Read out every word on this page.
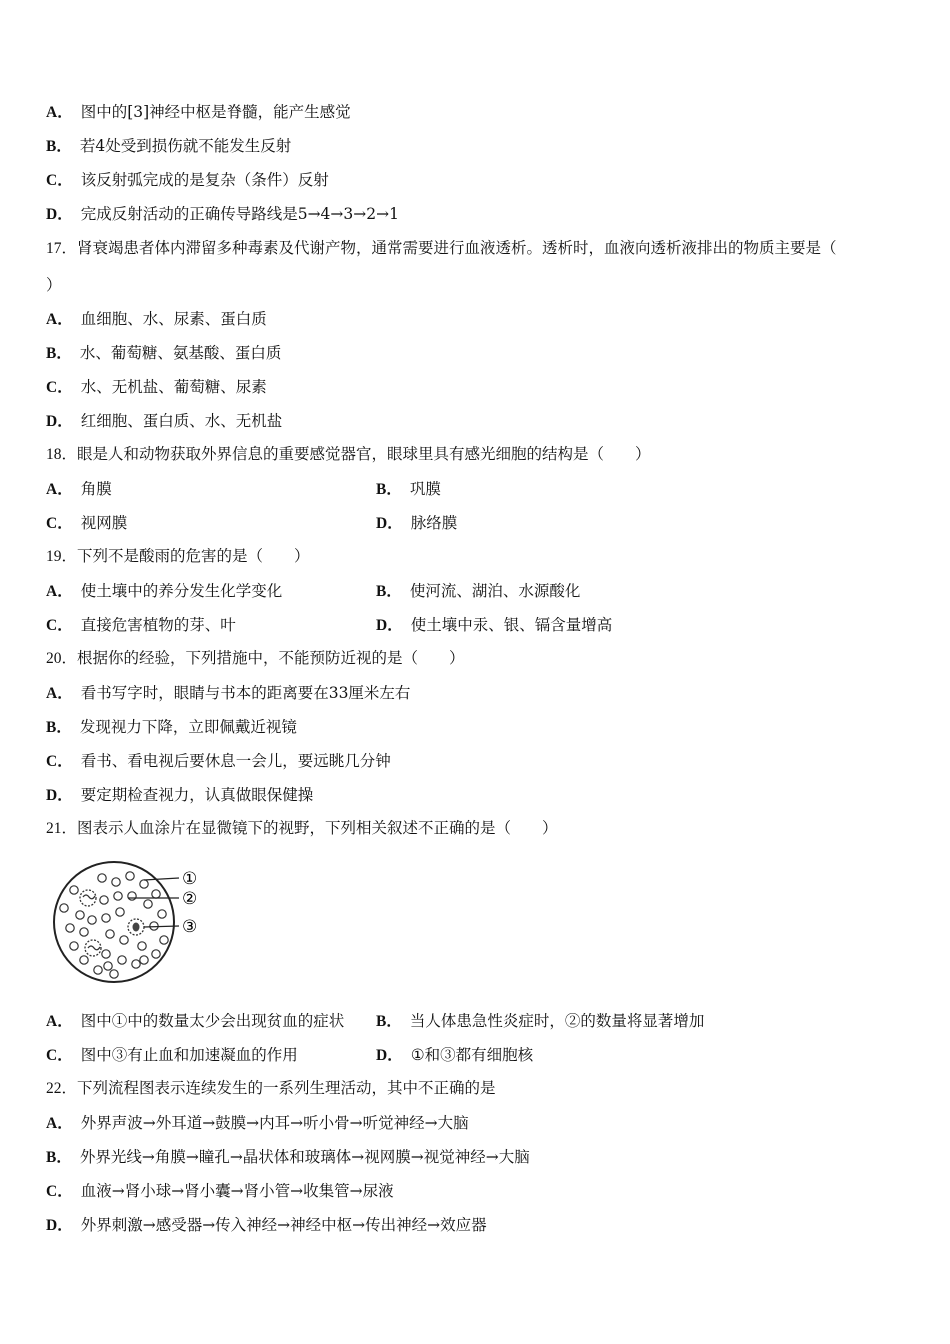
A． 图中的[3]神经中枢是脊髓，能产生感觉
B． 若4处受到损伤就不能发生反射
C． 该反射弧完成的是复杂（条件）反射
D． 完成反射活动的正确传导路线是5→4→3→2→1
17．肾衰竭患者体内滞留多种毒素及代谢产物，通常需要进行血液透析。透析时，血液向透析液排出的物质主要是（
）
A． 血细胞、水、尿素、蛋白质
B． 水、葡萄糖、氨基酸、蛋白质
C． 水、无机盐、葡萄糖、尿素
D． 红细胞、蛋白质、水、无机盐
18．眼是人和动物获取外界信息的重要感觉器官，眼球里具有感光细胞的结构是（　　）
A． 角膜	B． 巩膜
C． 视网膜	D． 脉络膜
19．下列不是酸雨的危害的是（　　）
A． 使土壤中的养分发生化学变化	B． 使河流、湖泊、水源酸化
C． 直接危害植物的芽、叶	D． 使土壤中汞、银、镉含量增高
20．根据你的经验，下列措施中，不能预防近视的是（　　）
A． 看书写字时，眼睛与书本的距离要在33厘米左右
B． 发现视力下降，立即佩戴近视镜
C． 看书、看电视后要休息一会儿，要远眺几分钟
D． 要定期检查视力，认真做眼保健操
21．图表示人血涂片在显微镜下的视野，下列相关叙述不正确的是（　　）
①
②
③
A． 图中①中的数量太少会出现贫血的症状 B． 当人体患急性炎症时，②的数量将显著增加
C． 图中③有止血和加速凝血的作用	D． ①和③都有细胞核
22．下列流程图表示连续发生的一系列生理活动，其中不正确的是
A． 外界声波→外耳道→鼓膜→内耳→听小骨→听觉神经→大脑
B． 外界光线→角膜→瞳孔→晶状体和玻璃体→视网膜→视觉神经→大脑
C． 血液→肾小球→肾小囊→肾小管→收集管→尿液
D． 外界刺激→感受器→传入神经→神经中枢→传出神经→效应器
